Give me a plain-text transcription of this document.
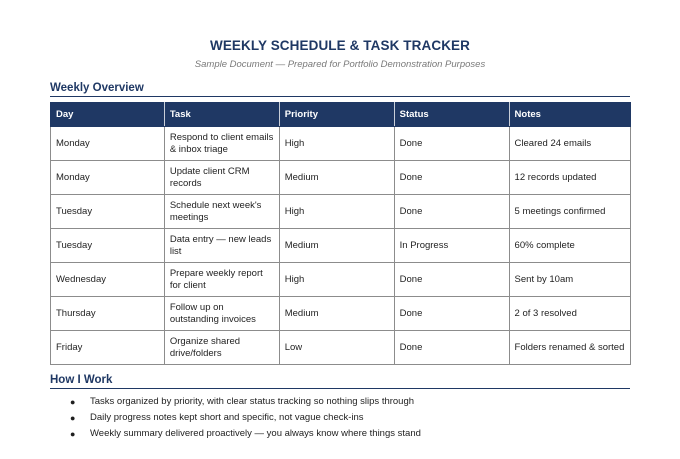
WEEKLY SCHEDULE & TASK TRACKER
Sample Document — Prepared for Portfolio Demonstration Purposes
Weekly Overview
Day	Task	Priority	Status	Notes
Monday	Respond to client emails & inbox triage	High	Done	Cleared 24 emails
Monday	Update client CRM records	Medium	Done	12 records updated
Tuesday	Schedule next week's meetings	High	Done	5 meetings confirmed
Tuesday	Data entry — new leads list	Medium	In Progress	60% complete
Wednesday	Prepare weekly report for client	High	Done	Sent by 10am
Thursday	Follow up on outstanding invoices	Medium	Done	2 of 3 resolved
Friday	Organize shared drive/folders	Low	Done	Folders renamed & sorted
How I Work
● Tasks organized by priority, with clear status tracking so nothing slips through
● Daily progress notes kept short and specific, not vague check-ins
● Weekly summary delivered proactively — you always know where things stand
